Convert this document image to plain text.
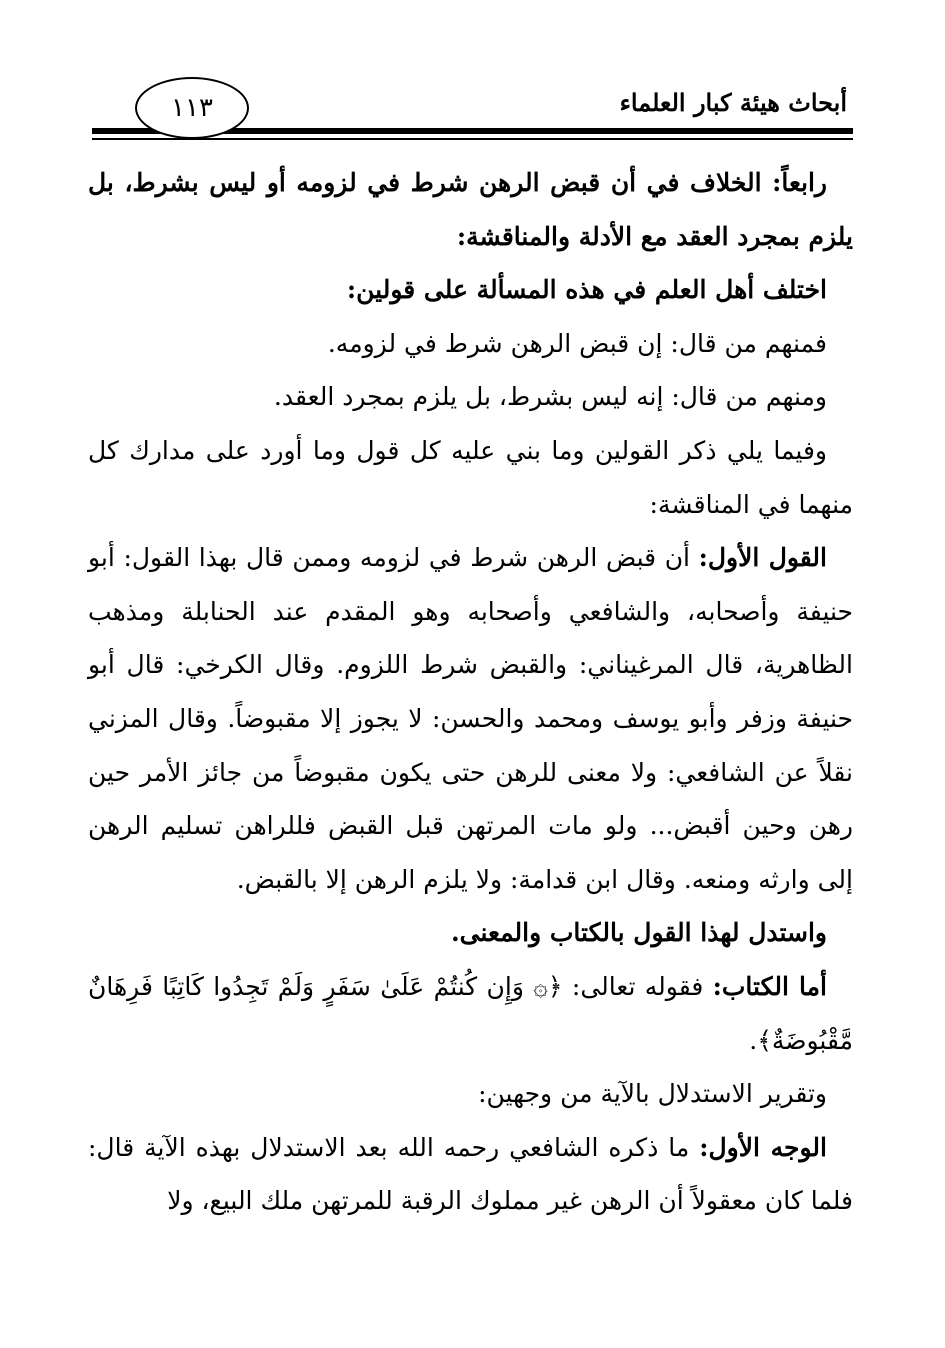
١١٣	أبحاث هيئة كبار العلماء

رابعاً: الخلاف في أن قبض الرهن شرط في لزومه أو ليس بشرط، بل يلزم بمجرد العقد مع الأدلة والمناقشة:

اختلف أهل العلم في هذه المسألة على قولين:

فمنهم من قال: إن قبض الرهن شرط في لزومه.

ومنهم من قال: إنه ليس بشرط، بل يلزم بمجرد العقد.

وفيما يلي ذكر القولين وما بني عليه كل قول وما أورد على مدارك كل منهما في المناقشة:

القول الأول: أن قبض الرهن شرط في لزومه وممن قال بهذا القول: أبو حنيفة وأصحابه، والشافعي وأصحابه وهو المقدم عند الحنابلة ومذهب الظاهرية، قال المرغيناني: والقبض شرط اللزوم. وقال الكرخي: قال أبو حنيفة وزفر وأبو يوسف ومحمد والحسن: لا يجوز إلا مقبوضاً. وقال المزني نقلاً عن الشافعي: ولا معنى للرهن حتى يكون مقبوضاً من جائز الأمر حين رهن وحين أقبض... ولو مات المرتهن قبل القبض فللراهن تسليم الرهن إلى وارثه ومنعه. وقال ابن قدامة: ولا يلزم الرهن إلا بالقبض.

واستدل لهذا القول بالكتاب والمعنى.

أما الكتاب: فقوله تعالى: ﴿۞ وَإِن كُنتُمْ عَلَىٰ سَفَرٍ وَلَمْ تَجِدُوا كَاتِبًا فَرِهَانٌ مَّقْبُوضَةٌ﴾.

وتقرير الاستدلال بالآية من وجهين:

الوجه الأول: ما ذكره الشافعي رحمه الله بعد الاستدلال بهذه الآية قال: فلما كان معقولاً أن الرهن غير مملوك الرقبة للمرتهن ملك البيع، ولا
